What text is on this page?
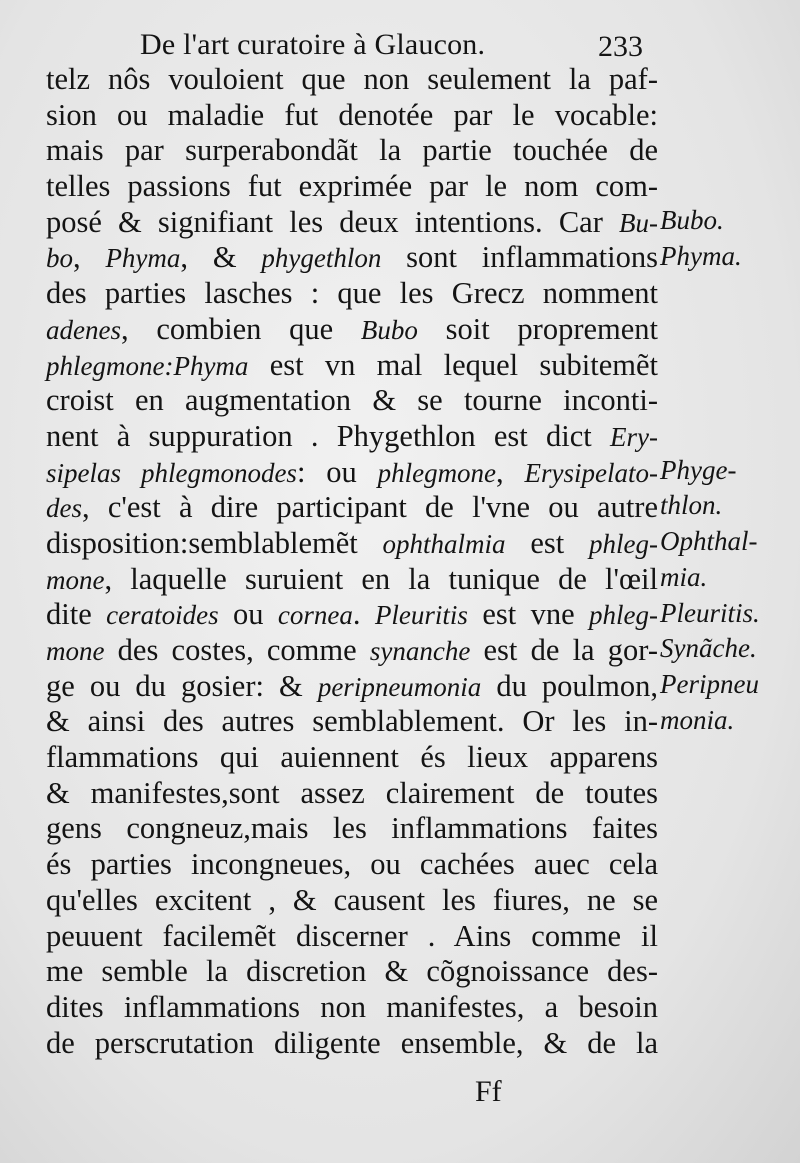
De l'art curatoire à Glaucon.	233
telz nôs vouloient que non seulement la paf-
sion ou maladie fut denotée par le vocable:
mais par surperabondãt la partie touchée de
telles passions fut exprimée par le nom com-
posé & signifiant les deux intentions. Car Bu-
bo, Phyma, & phygethlon sont inflammations
des parties lasches : que les Grecz nomment
adenes, combien que Bubo soit proprement
phlegmone:Phyma est vn mal lequel subitemẽt
croist en augmentation & se tourne inconti-
nent à suppuration . Phygethlon est dict Ery-
sipelas phlegmonodes: ou phlegmone, Erysipelato-
des, c'est à dire participant de l'vne ou autre
disposition:semblablemẽt ophthalmia est phleg-
mone, laquelle suruient en la tunique de l'œil
dite ceratoides ou cornea. Pleuritis est vne phleg-
mone des costes, comme synanche est de la gor-
ge ou du gosier: & peripneumonia du poulmon,
& ainsi des autres semblablement. Or les in-
flammations qui auiennent és lieux apparens
& manifestes,sont assez clairement de toutes
gens congneuz,mais les inflammations faites
és parties incongneues, ou cachées auec cela
qu'elles excitent , & causent les fiures, ne se
peuuent facilemẽt discerner . Ains comme il
me semble la discretion & cõgnoissance des-
dites inflammations non manifestes, a besoin
de perscrutation diligente ensemble, & de la
Bubo.
Phyma.
Phyge-
thlon.
Ophthal-
mia.
Pleuritis.
Synãche.
Peripneu
monia.
Ff
